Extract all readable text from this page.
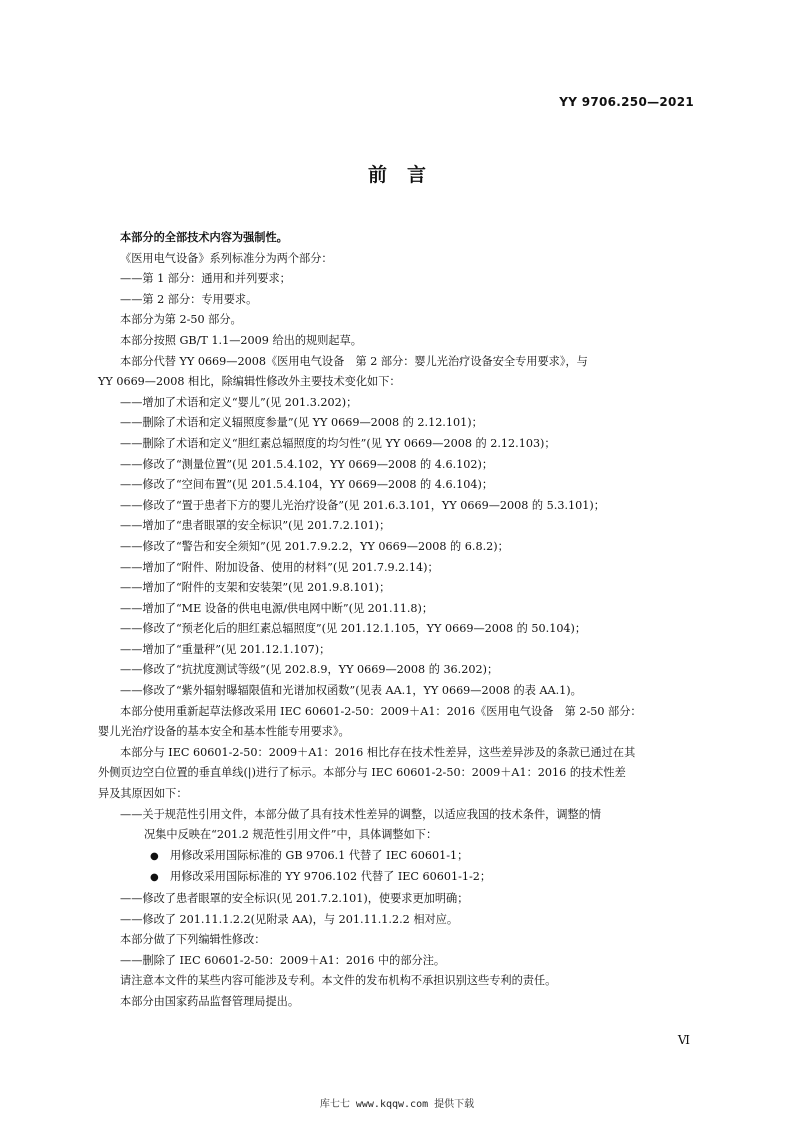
YY 9706.250—2021
前言
本部分的全部技术内容为强制性。
《医用电气设备》系列标准分为两个部分：
——第 1 部分：通用和并列要求；
——第 2 部分：专用要求。
本部分为第 2-50 部分。
本部分按照 GB/T 1.1—2009 给出的规则起草。
本部分代替 YY 0669—2008《医用电气设备　第 2 部分：婴儿光治疗设备安全专用要求》，与
YY 0669—2008 相比，除编辑性修改外主要技术变化如下：
——增加了术语和定义“婴儿”(见 201.3.202)；
——删除了术语和定义辐照度参量”(见 YY 0669—2008 的 2.12.101)；
——删除了术语和定义“胆红素总辐照度的均匀性”(见 YY 0669—2008 的 2.12.103)；
——修改了“测量位置”(见 201.5.4.102，YY 0669—2008 的 4.6.102)；
——修改了“空间布置”(见 201.5.4.104，YY 0669—2008 的 4.6.104)；
——修改了“置于患者下方的婴儿光治疗设备”(见 201.6.3.101，YY 0669—2008 的 5.3.101)；
——增加了“患者眼罩的安全标识”(见 201.7.2.101)；
——修改了“警告和安全须知”(见 201.7.9.2.2，YY 0669—2008 的 6.8.2)；
——增加了“附件、附加设备、使用的材料”(见 201.7.9.2.14)；
——增加了“附件的支架和安装架”(见 201.9.8.101)；
——增加了“ME 设备的供电电源/供电网中断”(见 201.11.8)；
——修改了“预老化后的胆红素总辐照度”(见 201.12.1.105，YY 0669—2008 的 50.104)；
——增加了“重量秤”(见 201.12.1.107)；
——修改了“抗扰度测试等级”(见 202.8.9，YY 0669—2008 的 36.202)；
——修改了“紫外辐射曝辐限值和光谱加权函数”(见表 AA.1，YY 0669—2008 的表 AA.1)。
本部分使用重新起草法修改采用 IEC 60601-2-50：2009＋A1：2016《医用电气设备　第 2-50 部分：
婴儿光治疗设备的基本安全和基本性能专用要求》。
本部分与 IEC 60601-2-50：2009＋A1：2016 相比存在技术性差异，这些差异涉及的条款已通过在其
外侧页边空白位置的垂直单线(|)进行了标示。本部分与 IEC 60601-2-50：2009＋A1：2016 的技术性差
异及其原因如下：
——关于规范性引用文件，本部分做了具有技术性差异的调整，以适应我国的技术条件，调整的情
况集中反映在“201.2 规范性引用文件”中，具体调整如下：
● 用修改采用国际标准的 GB 9706.1 代替了 IEC 60601-1；
● 用修改采用国际标准的 YY 9706.102 代替了 IEC 60601-1-2；
——修改了患者眼罩的安全标识(见 201.7.2.101)，使要求更加明确；
——修改了 201.11.1.2.2(见附录 AA)，与 201.11.1.2.2 相对应。
本部分做了下列编辑性修改：
——删除了 IEC 60601-2-50：2009＋A1：2016 中的部分注。
请注意本文件的某些内容可能涉及专利。本文件的发布机构不承担识别这些专利的责任。
本部分由国家药品监督管理局提出。
Ⅵ
库七七 www.kqqw.com 提供下载
